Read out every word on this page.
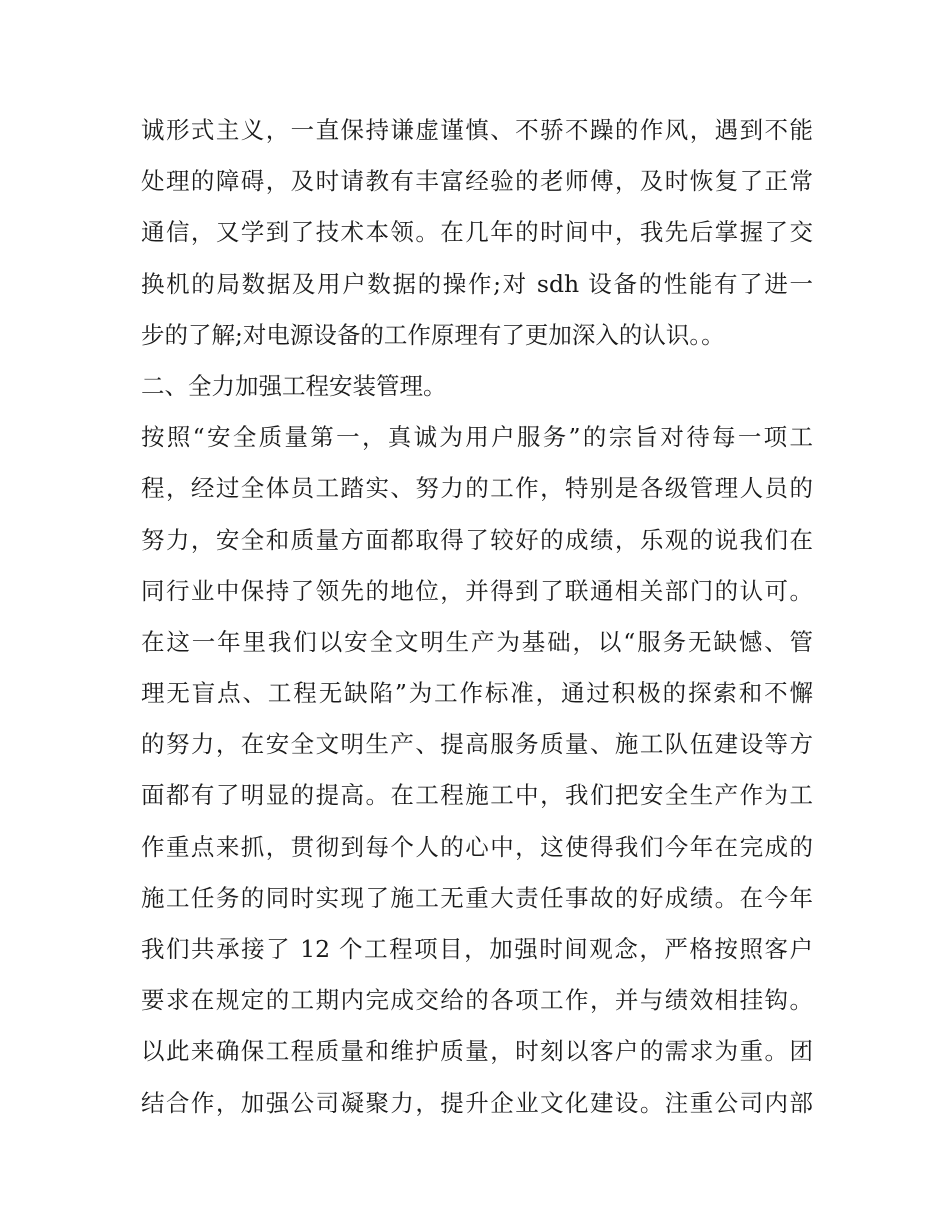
诚形式主义，一直保持谦虚谨慎、不骄不躁的作风，遇到不能
处理的障碍，及时请教有丰富经验的老师傅，及时恢复了正常
通信，又学到了技术本领。在几年的时间中，我先后掌握了交
换机的局数据及用户数据的操作;对 sdh 设备的性能有了进一
步的了解;对电源设备的工作原理有了更加深入的认识。。
二、全力加强工程安装管理。
按照“安全质量第一，真诚为用户服务”的宗旨对待每一项工
程，经过全体员工踏实、努力的工作，特别是各级管理人员的
努力，安全和质量方面都取得了较好的成绩，乐观的说我们在
同行业中保持了领先的地位，并得到了联通相关部门的认可。
在这一年里我们以安全文明生产为基础，以“服务无缺憾、管
理无盲点、工程无缺陷”为工作标准，通过积极的探索和不懈
的努力，在安全文明生产、提高服务质量、施工队伍建设等方
面都有了明显的提高。在工程施工中，我们把安全生产作为工
作重点来抓，贯彻到每个人的心中，这使得我们今年在完成的
施工任务的同时实现了施工无重大责任事故的好成绩。在今年
我们共承接了 12 个工程项目，加强时间观念，严格按照客户
要求在规定的工期内完成交给的各项工作，并与绩效相挂钩。
以此来确保工程质量和维护质量，时刻以客户的需求为重。团
结合作，加强公司凝聚力，提升企业文化建设。注重公司内部
